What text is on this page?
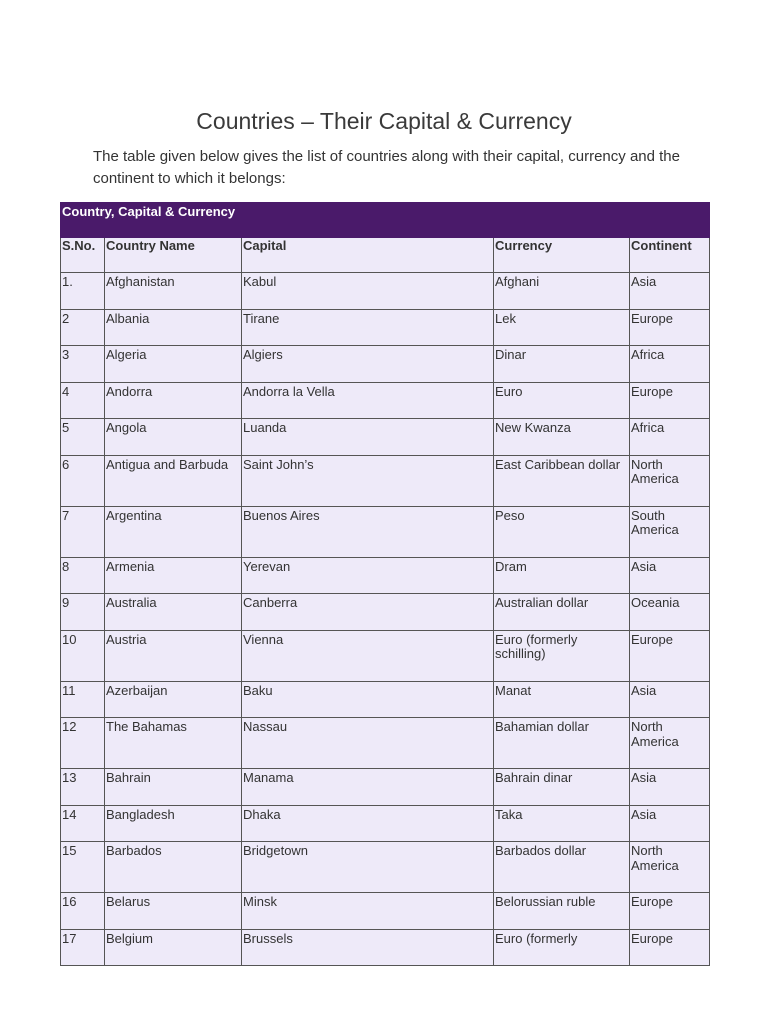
Countries – Their Capital & Currency

The table given below gives the list of countries along with their capital, currency and the continent to which it belongs:

Country, Capital & Currency				
S.No.	Country Name	Capital	Currency	Continent
1.	Afghanistan	Kabul	Afghani	Asia
2	Albania	Tirane	Lek	Europe
3	Algeria	Algiers	Dinar	Africa
4	Andorra	Andorra la Vella	Euro	Europe
5	Angola	Luanda	New Kwanza	Africa
6	Antigua and Barbuda	Saint John’s	East Caribbean dollar	North America
7	Argentina	Buenos Aires	Peso	South America
8	Armenia	Yerevan	Dram	Asia
9	Australia	Canberra	Australian dollar	Oceania
10	Austria	Vienna	Euro (formerly schilling)	Europe
11	Azerbaijan	Baku	Manat	Asia
12	The Bahamas	Nassau	Bahamian dollar	North America
13	Bahrain	Manama	Bahrain dinar	Asia
14	Bangladesh	Dhaka	Taka	Asia
15	Barbados	Bridgetown	Barbados dollar	North America
16	Belarus	Minsk	Belorussian ruble	Europe
17	Belgium	Brussels	Euro (formerly	Europe
